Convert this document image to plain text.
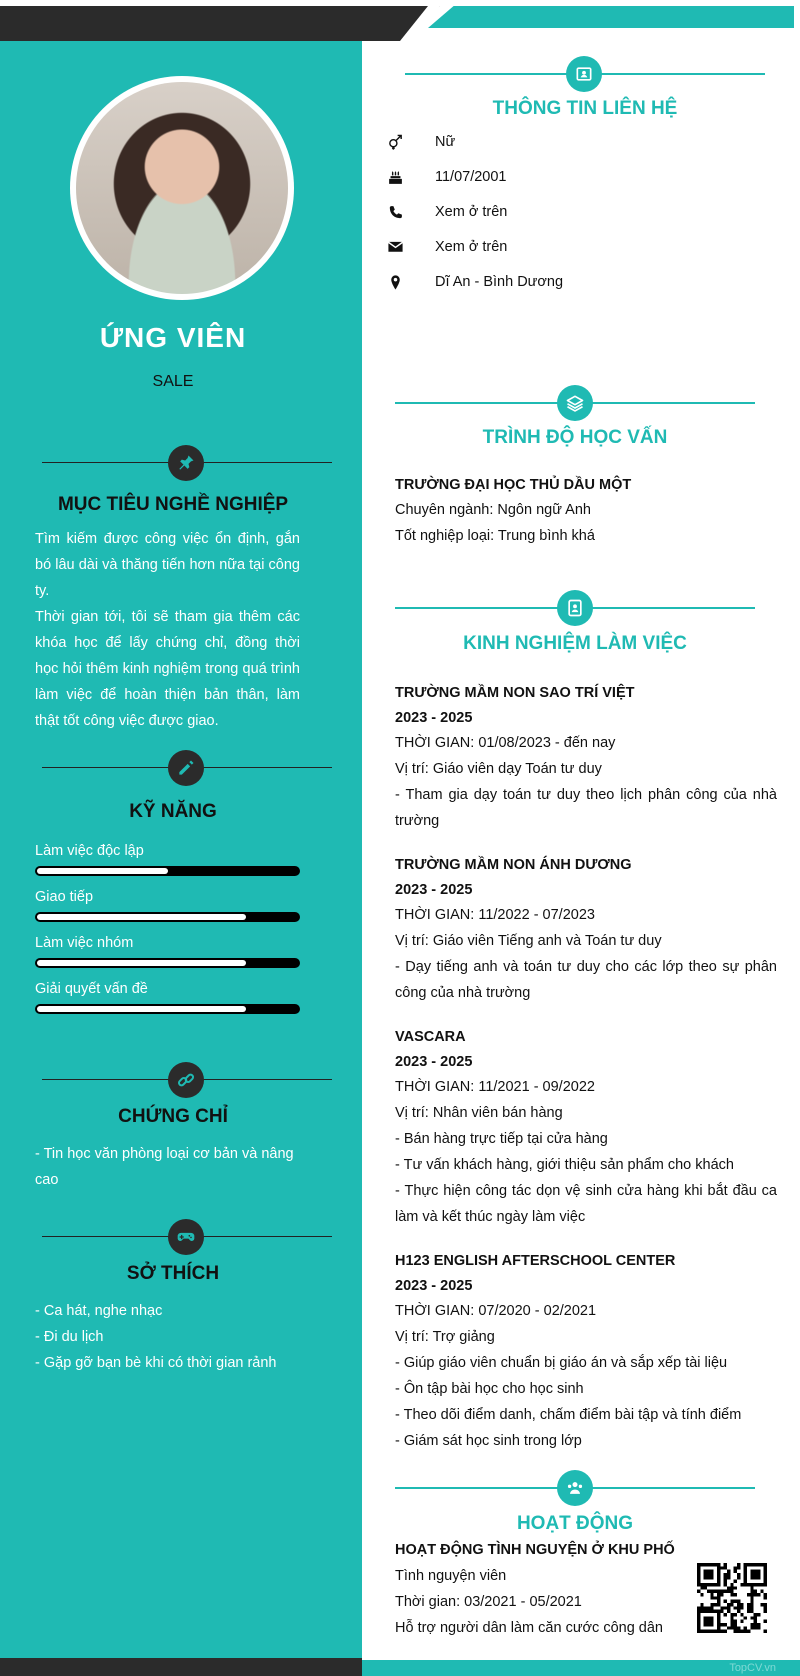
ỨNG VIÊN
SALE
MỤC TIÊU NGHỀ NGHIỆP
Tìm kiếm được công việc ổn định, gắn bó lâu dài và thăng tiến hơn nữa tại công ty.
Thời gian tới, tôi sẽ tham gia thêm các khóa học để lấy chứng chỉ, đồng thời học hỏi thêm kinh nghiệm trong quá trình làm việc để hoàn thiện bản thân, làm thật tốt công việc được giao.
KỸ NĂNG
Làm việc độc lập
Giao tiếp
Làm việc nhóm
Giải quyết vấn đề
CHỨNG CHỈ
- Tin học văn phòng loại cơ bản và nâng cao
SỞ THÍCH
- Ca hát, nghe nhạc
- Đi du lịch
- Gặp gỡ bạn bè khi có thời gian rảnh
THÔNG TIN LIÊN HỆ
Nữ
11/07/2001
Xem ở trên
Xem ở trên
Dĩ An - Bình Dương
TRÌNH ĐỘ HỌC VẤN
TRƯỜNG ĐẠI HỌC THỦ DẦU MỘT
Chuyên ngành: Ngôn ngữ Anh
Tốt nghiệp loại: Trung bình khá
KINH NGHIỆM LÀM VIỆC
TRƯỜNG MẦM NON SAO TRÍ VIỆT
2023 - 2025
THỜI GIAN: 01/08/2023 - đến nay
Vị trí: Giáo viên dạy Toán tư duy
- Tham gia dạy toán tư duy theo lịch phân công của nhà trường
TRƯỜNG MẦM NON ÁNH DƯƠNG
2023 - 2025
THỜI GIAN: 11/2022 - 07/2023
Vị trí: Giáo viên Tiếng anh và Toán tư duy
- Dạy tiếng anh và toán tư duy cho các lớp theo sự phân công của nhà trường
VASCARA
2023 - 2025
THỜI GIAN: 11/2021 - 09/2022
Vị trí: Nhân viên bán hàng
- Bán hàng trực tiếp tại cửa hàng
- Tư vấn khách hàng, giới thiệu sản phẩm cho khách
- Thực hiện công tác dọn vệ sinh cửa hàng khi bắt đầu ca làm và kết thúc ngày làm việc
H123 ENGLISH AFTERSCHOOL CENTER
2023 - 2025
THỜI GIAN: 07/2020 - 02/2021
Vị trí: Trợ giảng
- Giúp giáo viên chuẩn bị giáo án và sắp xếp tài liệu
- Ôn tập bài học cho học sinh
- Theo dõi điểm danh, chấm điểm bài tập và tính điểm
- Giám sát học sinh trong lớp
HOẠT ĐỘNG
HOẠT ĐỘNG TÌNH NGUYỆN Ở KHU PHỐ
Tình nguyện viên
Thời gian: 03/2021 - 05/2021
Hỗ trợ người dân làm căn cước công dân
TopCV.vn
